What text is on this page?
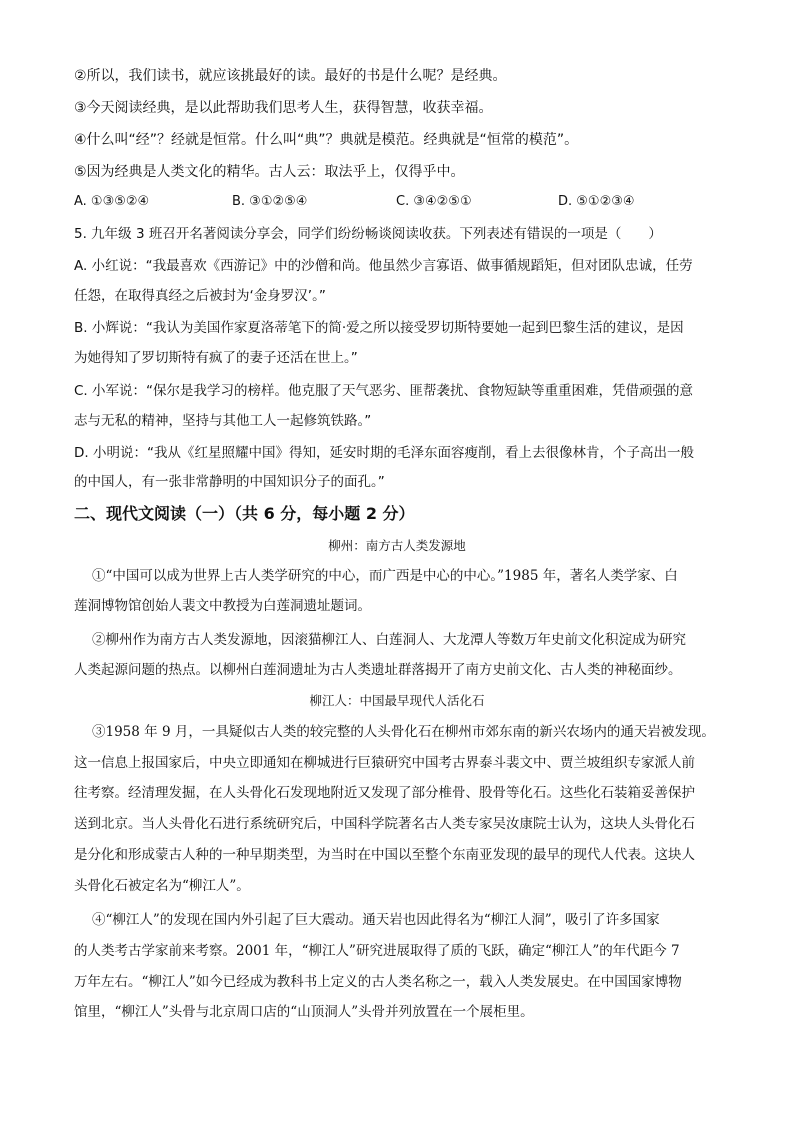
②所以，我们读书，就应该挑最好的读。最好的书是什么呢？是经典。
③今天阅读经典，是以此帮助我们思考人生，获得智慧，收获幸福。
④什么叫“经”？经就是恒常。什么叫“典”？典就是模范。经典就是“恒常的模范”。
⑤因为经典是人类文化的精华。古人云：取法乎上，仅得乎中。
A. ①③⑤②④	B. ③①②⑤④	C. ③④②⑤①	D. ⑤①②③④
5. 九年级 3 班召开名著阅读分享会，同学们纷纷畅谈阅读收获。下列表述有错误的一项是（　　）
A. 小红说：“我最喜欢《西游记》中的沙僧和尚。他虽然少言寡语、做事循规蹈矩，但对团队忠诚，任劳
任怨，在取得真经之后被封为‘金身罗汉’。”
B. 小辉说：“我认为美国作家夏洛蒂笔下的简·爱之所以接受罗切斯特要她一起到巴黎生活的建议，是因
为她得知了罗切斯特有疯了的妻子还活在世上。”
C. 小军说：“保尔是我学习的榜样。他克服了天气恶劣、匪帮袭扰、食物短缺等重重困难，凭借顽强的意
志与无私的精神，坚持与其他工人一起修筑铁路。”
D. 小明说：“我从《红星照耀中国》得知，延安时期的毛泽东面容瘦削，看上去很像林肯，个子高出一般
的中国人，有一张非常静明的中国知识分子的面孔。”
二、现代文阅读（一）（共 6 分，每小题 2 分）
柳州：南方古人类发源地
①“中国可以成为世界上古人类学研究的中心，而广西是中心的中心。”1985 年，著名人类学家、白
莲洞博物馆创始人裴文中教授为白莲洞遗址题词。
②柳州作为南方古人类发源地，因滚猫柳江人、白莲洞人、大龙潭人等数万年史前文化积淀成为研究
人类起源问题的热点。以柳州白莲洞遗址为古人类遗址群落揭开了南方史前文化、古人类的神秘面纱。
柳江人：中国最早现代人活化石
③1958 年 9 月，一具疑似古人类的较完整的人头骨化石在柳州市郊东南的新兴农场内的通天岩被发现。
这一信息上报国家后，中央立即通知在柳城进行巨猿研究中国考古界泰斗裴文中、贾兰坡组织专家派人前
往考察。经清理发掘，在人头骨化石发现地附近又发现了部分椎骨、股骨等化石。这些化石装箱妥善保护
送到北京。当人头骨化石进行系统研究后，中国科学院著名古人类专家吴汝康院士认为，这块人头骨化石
是分化和形成蒙古人种的一种早期类型，为当时在中国以至整个东南亚发现的最早的现代人代表。这块人
头骨化石被定名为“柳江人”。
④“柳江人”的发现在国内外引起了巨大震动。通天岩也因此得名为“柳江人洞”，吸引了许多国家
的人类考古学家前来考察。2001 年，“柳江人”研究进展取得了质的飞跃，确定“柳江人”的年代距今 7
万年左右。“柳江人”如今已经成为教科书上定义的古人类名称之一，载入人类发展史。在中国国家博物
馆里，“柳江人”头骨与北京周口店的“山顶洞人”头骨并列放置在一个展柜里。
